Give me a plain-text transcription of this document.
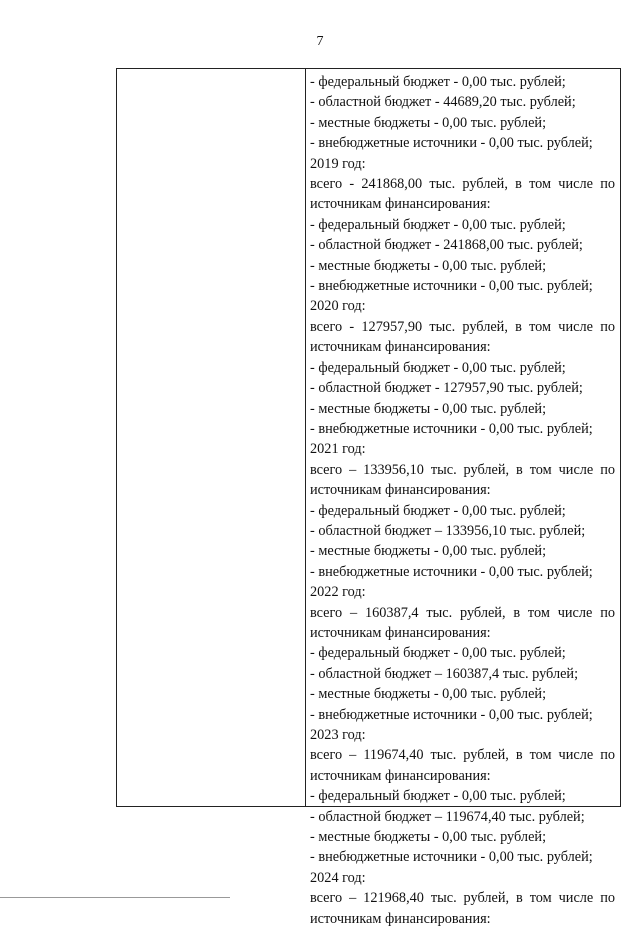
7
- федеральный бюджет - 0,00 тыс. рублей;
- областной бюджет - 44689,20 тыс. рублей;
- местные бюджеты - 0,00 тыс. рублей;
- внебюджетные источники - 0,00 тыс. рублей;
2019 год:
всего - 241868,00 тыс. рублей, в том числе по
источникам финансирования:
- федеральный бюджет - 0,00 тыс. рублей;
- областной бюджет - 241868,00 тыс. рублей;
- местные бюджеты - 0,00 тыс. рублей;
- внебюджетные источники - 0,00 тыс. рублей;
2020 год:
всего - 127957,90 тыс. рублей, в том числе по
источникам финансирования:
- федеральный бюджет - 0,00 тыс. рублей;
- областной бюджет - 127957,90 тыс. рублей;
- местные бюджеты - 0,00 тыс. рублей;
- внебюджетные источники - 0,00 тыс. рублей;
2021 год:
всего – 133956,10 тыс. рублей, в том числе по
источникам финансирования:
- федеральный бюджет - 0,00 тыс. рублей;
- областной бюджет – 133956,10 тыс. рублей;
- местные бюджеты - 0,00 тыс. рублей;
- внебюджетные источники - 0,00 тыс. рублей;
2022 год:
всего – 160387,4 тыс. рублей, в том числе по
источникам финансирования:
- федеральный бюджет - 0,00 тыс. рублей;
- областной бюджет – 160387,4 тыс. рублей;
- местные бюджеты - 0,00 тыс. рублей;
- внебюджетные источники - 0,00 тыс. рублей;
2023 год:
всего – 119674,40 тыс. рублей, в том числе по
источникам финансирования:
- федеральный бюджет - 0,00 тыс. рублей;
- областной бюджет – 119674,40 тыс. рублей;
- местные бюджеты - 0,00 тыс. рублей;
- внебюджетные источники - 0,00 тыс. рублей;
2024 год:
всего – 121968,40 тыс. рублей, в том числе по
источникам финансирования:
